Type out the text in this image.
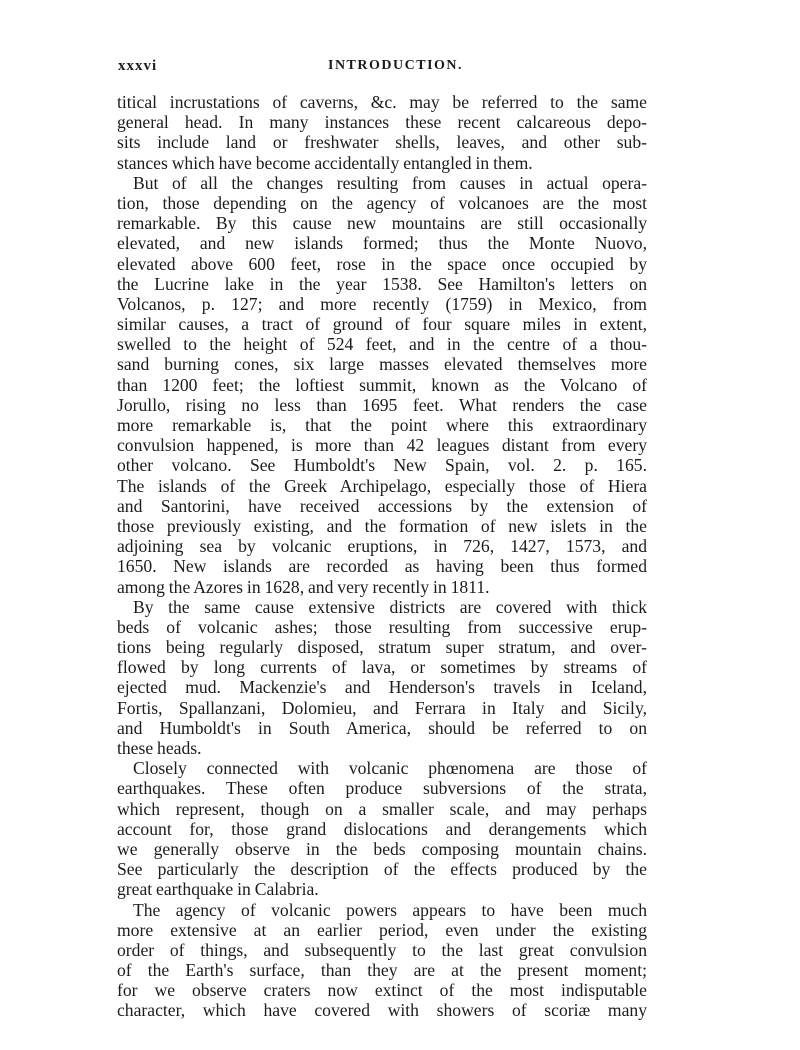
xxxvi	INTRODUCTION.
titical incrustations of caverns, &c. may be referred to the same
general head. In many instances these recent calcareous depo-
sits include land or freshwater shells, leaves, and other sub-
stances which have become accidentally entangled in them.
But of all the changes resulting from causes in actual opera-
tion, those depending on the agency of volcanoes are the most
remarkable. By this cause new mountains are still occasionally
elevated, and new islands formed; thus the Monte Nuovo,
elevated above 600 feet, rose in the space once occupied by
the Lucrine lake in the year 1538. See Hamilton's letters on
Volcanos, p. 127; and more recently (1759) in Mexico, from
similar causes, a tract of ground of four square miles in extent,
swelled to the height of 524 feet, and in the centre of a thou-
sand burning cones, six large masses elevated themselves more
than 1200 feet; the loftiest summit, known as the Volcano of
Jorullo, rising no less than 1695 feet. What renders the case
more remarkable is, that the point where this extraordinary
convulsion happened, is more than 42 leagues distant from every
other volcano. See Humboldt's New Spain, vol. 2. p. 165.
The islands of the Greek Archipelago, especially those of Hiera
and Santorini, have received accessions by the extension of
those previously existing, and the formation of new islets in the
adjoining sea by volcanic eruptions, in 726, 1427, 1573, and
1650. New islands are recorded as having been thus formed
among the Azores in 1628, and very recently in 1811.
By the same cause extensive districts are covered with thick
beds of volcanic ashes; those resulting from successive erup-
tions being regularly disposed, stratum super stratum, and over-
flowed by long currents of lava, or sometimes by streams of
ejected mud. Mackenzie's and Henderson's travels in Iceland,
Fortis, Spallanzani, Dolomieu, and Ferrara in Italy and Sicily,
and Humboldt's in South America, should be referred to on
these heads.
Closely connected with volcanic phœnomena are those of
earthquakes. These often produce subversions of the strata,
which represent, though on a smaller scale, and may perhaps
account for, those grand dislocations and derangements which
we generally observe in the beds composing mountain chains.
See particularly the description of the effects produced by the
great earthquake in Calabria.
The agency of volcanic powers appears to have been much
more extensive at an earlier period, even under the existing
order of things, and subsequently to the last great convulsion
of the Earth's surface, than they are at the present moment;
for we observe craters now extinct of the most indisputable
character, which have covered with showers of scoriæ many
